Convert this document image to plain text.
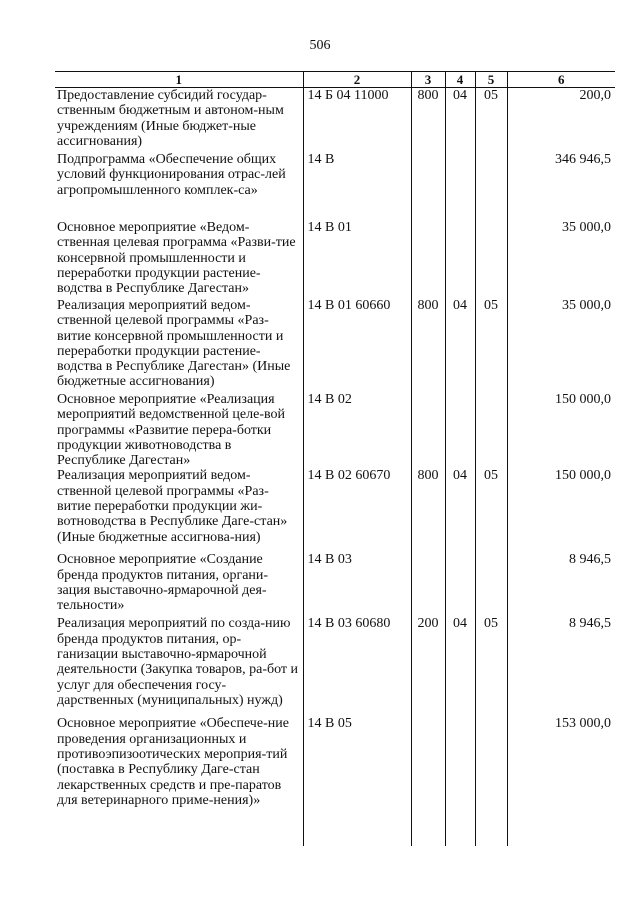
506
1	2	3	4	5	6
Предоставление субсидий государ-ственным бюджетным и автоном-ным учреждениям (Иные бюджет-ные ассигнования)	14 Б 04 11000	800	04	05	200,0
Подпрограмма «Обеспечение общих условий функционирования отрас-лей агропромышленного комплек-са»	14 В				346 946,5
Основное мероприятие «Ведом-ственная целевая программа «Разви-тие консервной промышленности и переработки продукции растение-водства в Республике Дагестан»	14 В 01				35 000,0
Реализация мероприятий ведом-ственной целевой программы «Раз-витие консервной промышленности и переработки продукции растение-водства в Республике Дагестан» (Иные бюджетные ассигнования)	14 В 01 60660	800	04	05	35 000,0
Основное мероприятие «Реализация мероприятий ведомственной целе-вой программы «Развитие перера-ботки продукции животноводства в Республике Дагестан»	14 В 02				150 000,0
Реализация мероприятий ведом-ственной целевой программы «Раз-витие переработки продукции жи-вотноводства в Республике Даге-стан» (Иные бюджетные ассигнова-ния)	14 В 02 60670	800	04	05	150 000,0
Основное мероприятие «Создание бренда продуктов питания, органи-зация выставочно-ярмарочной дея-тельности»	14 В 03				8 946,5
Реализация мероприятий по созда-нию бренда продуктов питания, ор-ганизации выставочно-ярмарочной деятельности (Закупка товаров, ра-бот и услуг для обеспечения госу-дарственных (муниципальных) нужд)	14 В 03 60680	200	04	05	8 946,5
Основное мероприятие «Обеспече-ние проведения организационных и противоэпизоотических мероприя-тий (поставка в Республику Даге-стан лекарственных средств и пре-паратов для ветеринарного приме-нения)»	14 В 05				153 000,0
